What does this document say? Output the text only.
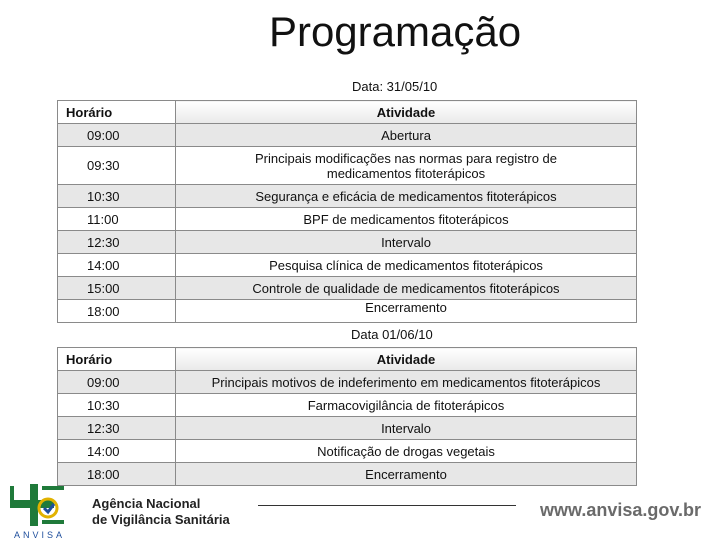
Programação
Data: 31/05/10
Horário	Atividade
09:00	Abertura
09:30	Principais modificações nas normas para registro de medicamentos fitoterápicos
10:30	Segurança e eficácia de medicamentos fitoterápicos
11:00	BPF de medicamentos fitoterápicos
12:30	Intervalo
14:00	Pesquisa clínica de medicamentos fitoterápicos
15:00	Controle de qualidade de medicamentos fitoterápicos
18:00	Encerramento
Data 01/06/10
Horário	Atividade
09:00	Principais motivos de indeferimento em medicamentos fitoterápicos
10:30	Farmacovigilância de fitoterápicos
12:30	Intervalo
14:00	Notificação de drogas vegetais
18:00	Encerramento
ANVISA
Agência Nacional
de Vigilância Sanitária	www.anvisa.gov.br
